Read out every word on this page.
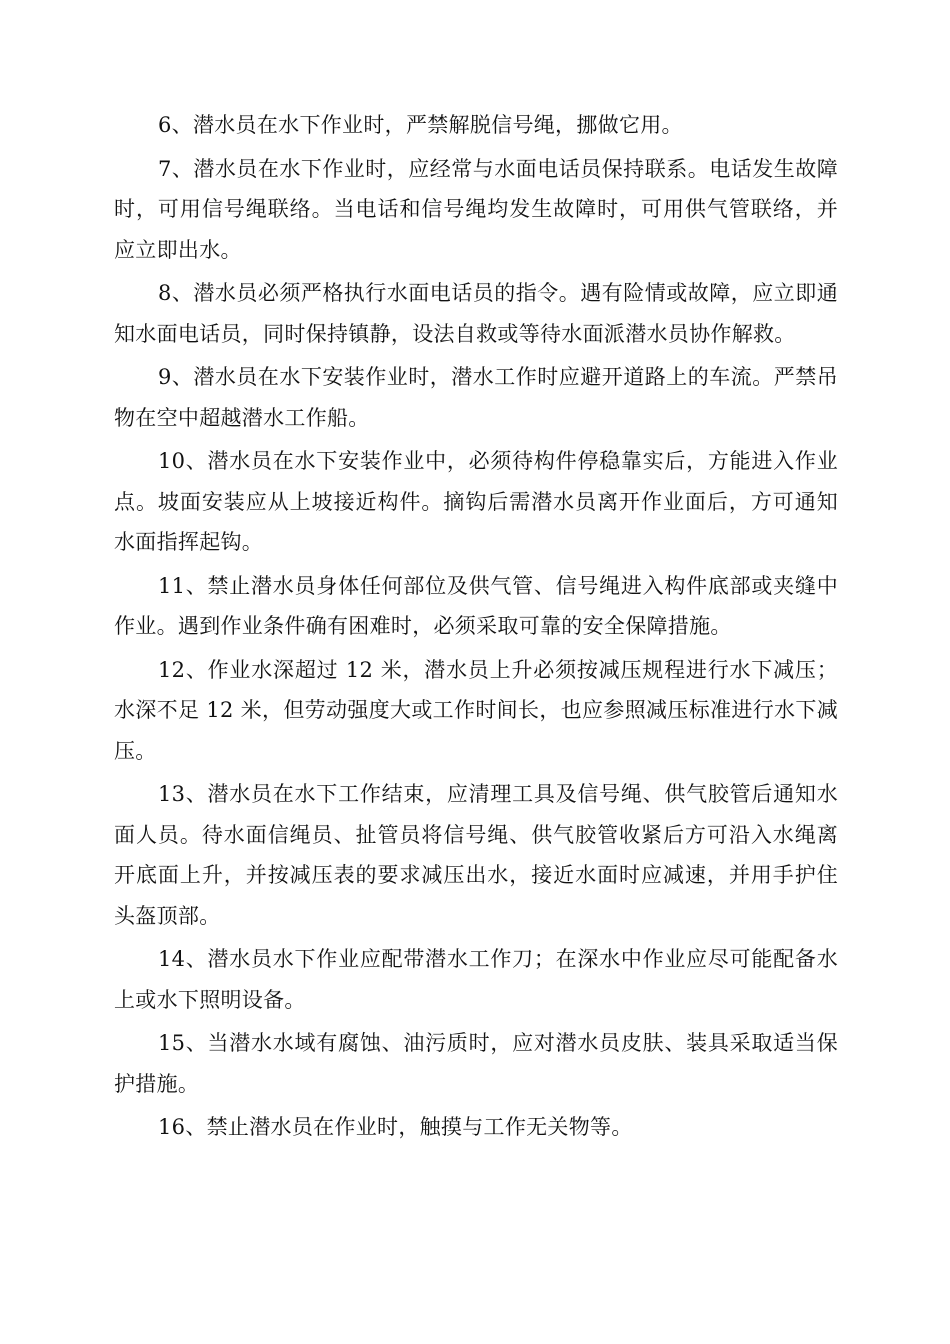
6、潜水员在水下作业时，严禁解脱信号绳，挪做它用。

7、潜水员在水下作业时，应经常与水面电话员保持联系。电话发生故障时，可用信号绳联络。当电话和信号绳均发生故障时，可用供气管联络，并应立即出水。

8、潜水员必须严格执行水面电话员的指令。遇有险情或故障，应立即通知水面电话员，同时保持镇静，设法自救或等待水面派潜水员协作解救。

9、潜水员在水下安装作业时，潜水工作时应避开道路上的车流。严禁吊物在空中超越潜水工作船。

10、潜水员在水下安装作业中，必须待构件停稳靠实后，方能进入作业点。坡面安装应从上坡接近构件。摘钩后需潜水员离开作业面后，方可通知水面指挥起钩。

11、禁止潜水员身体任何部位及供气管、信号绳进入构件底部或夹缝中作业。遇到作业条件确有困难时，必须采取可靠的安全保障措施。

12、作业水深超过 12 米，潜水员上升必须按减压规程进行水下减压；水深不足 12 米，但劳动强度大或工作时间长，也应参照减压标准进行水下减压。

13、潜水员在水下工作结束，应清理工具及信号绳、供气胶管后通知水面人员。待水面信绳员、扯管员将信号绳、供气胶管收紧后方可沿入水绳离开底面上升，并按减压表的要求减压出水，接近水面时应减速，并用手护住头盔顶部。

14、潜水员水下作业应配带潜水工作刀；在深水中作业应尽可能配备水上或水下照明设备。

15、当潜水水域有腐蚀、油污质时，应对潜水员皮肤、装具采取适当保护措施。

16、禁止潜水员在作业时，触摸与工作无关物等。
